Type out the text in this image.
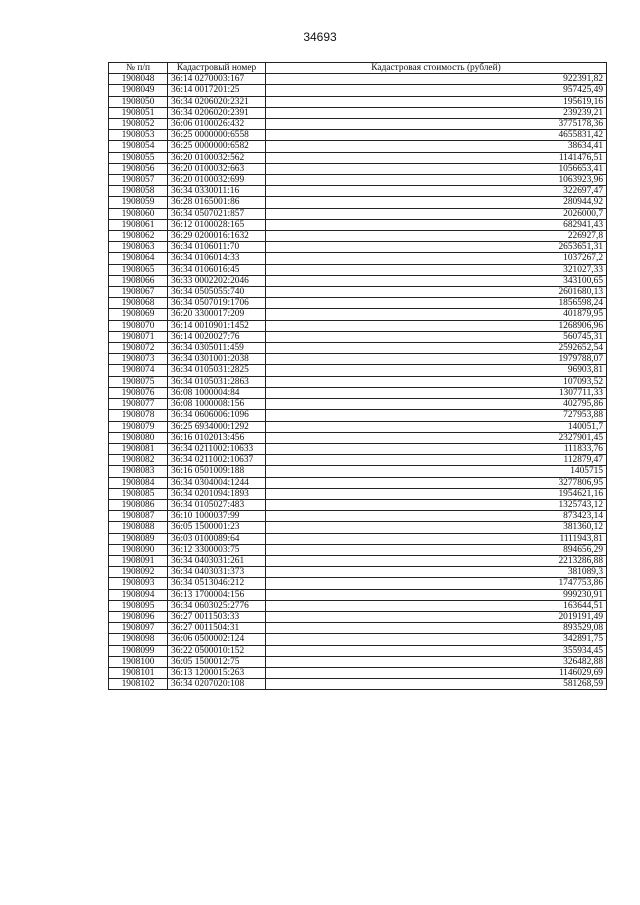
34693
№ п/п	Кадастровый номер	Кадастровая стоимость (рублей)
1908048	36:14 0270003:167	922391,82
1908049	36:14 0017201:25	957425,49
1908050	36:34 0206020:2321	195619,16
1908051	36:34 0206020:2391	239239,21
1908052	36:06 0100026:432	3775178,36
1908053	36:25 0000000:6558	4655831,42
1908054	36:25 0000000:6582	38634,41
1908055	36:20 0100032:562	1141476,51
1908056	36:20 0100032:663	1056653,41
1908057	36:20 0100032:699	1063923,96
1908058	36:34 0330011:16	322697,47
1908059	36:28 0165001:86	280944,92
1908060	36:34 0507021:857	2026000,7
1908061	36:12 0100028:165	682941,43
1908062	36:29 0200016:1632	226927,8
1908063	36:34 0106011:70	2653651,31
1908064	36:34 0106014:33	1037267,2
1908065	36:34 0106016:45	321027,33
1908066	36:33 0002202:2046	343100,65
1908067	36:34 0505055:740	2601680,13
1908068	36:34 0507019:1706	1856598,24
1908069	36:20 3300017:209	401879,95
1908070	36:14 0010901:1452	1268906,96
1908071	36:14 0020027:76	560745,31
1908072	36:34 0305011:459	2592652,54
1908073	36:34 0301001:2038	1979788,07
1908074	36:34 0105031:2825	96903,81
1908075	36:34 0105031:2863	107093,52
1908076	36:08 1000004:84	1307711,33
1908077	36:08 1000008:156	402795,86
1908078	36:34 0606006:1096	727953,88
1908079	36:25 6934000:1292	140051,7
1908080	36:16 0102013:456	2327901,45
1908081	36:34 0211002:10633	111833,76
1908082	36:34 0211002:10637	112879,47
1908083	36:16 0501009:188	1405715
1908084	36:34 0304004:1244	3277806,95
1908085	36:34 0201094:1893	1954621,16
1908086	36:34 0105027:483	1325743,12
1908087	36:10 1000037:99	873423,14
1908088	36:05 1500001:23	381360,12
1908089	36:03 0100089:64	1111943,81
1908090	36:12 3300003:75	894656,29
1908091	36:34 0403031:261	2213286,88
1908092	36:34 0403031:373	381089,3
1908093	36:34 0513046:212	1747753,86
1908094	36:13 1700004:156	999230,91
1908095	36:34 0603025:2776	163644,51
1908096	36:27 0011503:33	2019191,49
1908097	36:27 0011504:31	893529,08
1908098	36:06 0500002:124	342891,75
1908099	36:22 0500010:152	355934,45
1908100	36:05 1500012:75	326482,88
1908101	36:13 1200015:263	1146029,69
1908102	36:34 0207020:108	581268,59
